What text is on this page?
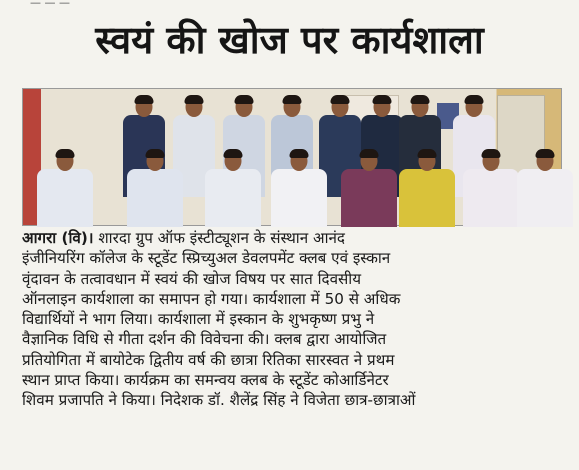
— — —
स्वयं की खोज पर कार्यशाला
आगरा (वि)। शारदा ग्रुप ऑफ इंस्टीट्यूशन के संस्थान आनंद
इंजीनियरिंग कॉलेज के स्टूडेंट स्प्रिच्युअल डेवलपमेंट क्लब एवं इस्कान
वृंदावन के तत्वावधान में स्वयं की खोज विषय पर सात दिवसीय
ऑनलाइन कार्यशाला का समापन हो गया। कार्यशाला में 50 से अधिक
विद्यार्थियों ने भाग लिया। कार्यशाला में इस्कान के शुभकृष्ण प्रभु ने
वैज्ञानिक विधि से गीता दर्शन की विवेचना की। क्लब द्वारा आयोजित
प्रतियोगिता में बायोटेक द्वितीय वर्ष की छात्रा रितिका सारस्वत ने प्रथम
स्थान प्राप्त किया। कार्यक्रम का समन्वय क्लब के स्टूडेंट कोआर्डिनेटर
शिवम प्रजापति ने किया। निदेशक डॉ. शैलेंद्र सिंह ने विजेता छात्र-छात्राओं
